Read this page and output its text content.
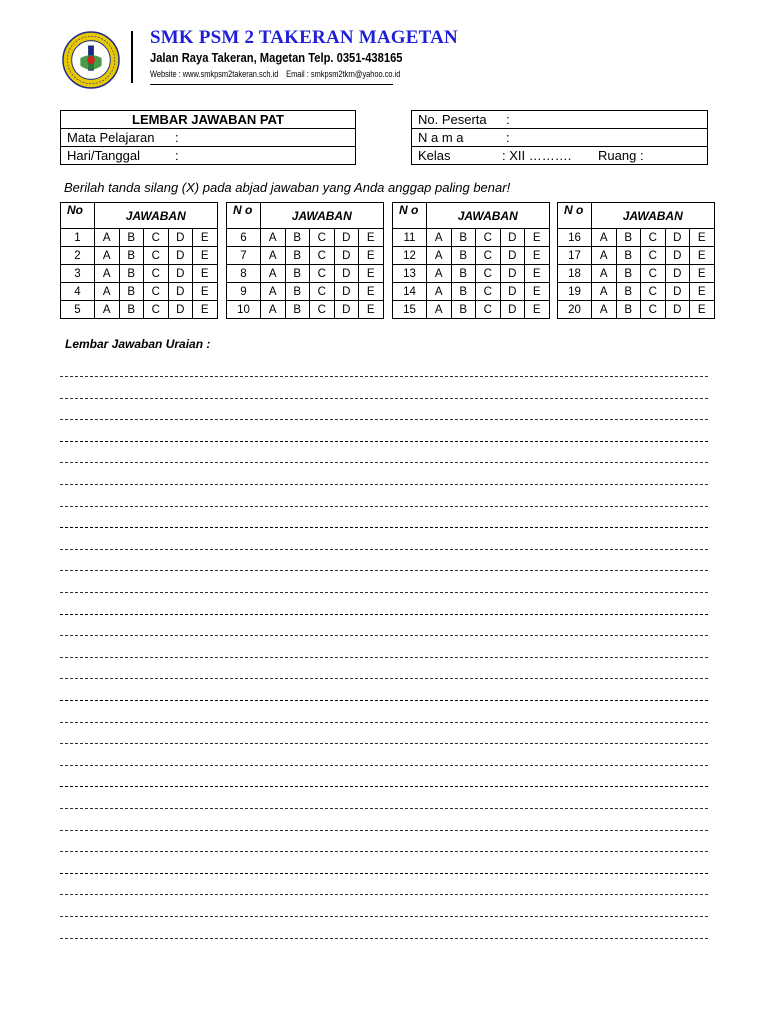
SMK PSM 2 TAKERAN MAGETAN
Jalan Raya Takeran, Magetan Telp. 0351-438165
Website : www.smkpsm2takeran.sch.id Email : smkpsm2tkrn@yahoo.co.id
LEMBAR JAWABAN PAT
Mata Pelajaran :
Hari/Tanggal	:
No. Peserta :
N a m a	:
Kelas	: XII ………. Ruang :
Berilah tanda silang (X) pada abjad jawaban yang Anda anggap paling benar!
No	JAWABAN				
1	A	B	C	D	E
2	A	B	C	D	E
3	A	B	C	D	E
4	A	B	C	D	E
5	A	B	C	D	E
N o	JAWABAN				
6	A	B	C	D	E
7	A	B	C	D	E
8	A	B	C	D	E
9	A	B	C	D	E
10	A	B	C	D	E
N o	JAWABAN				
11	A	B	C	D	E
12	A	B	C	D	E
13	A	B	C	D	E
14	A	B	C	D	E
15	A	B	C	D	E
N o	JAWABAN				
16	A	B	C	D	E
17	A	B	C	D	E
18	A	B	C	D	E
19	A	B	C	D	E
20	A	B	C	D	E
Lembar Jawaban Uraian :
